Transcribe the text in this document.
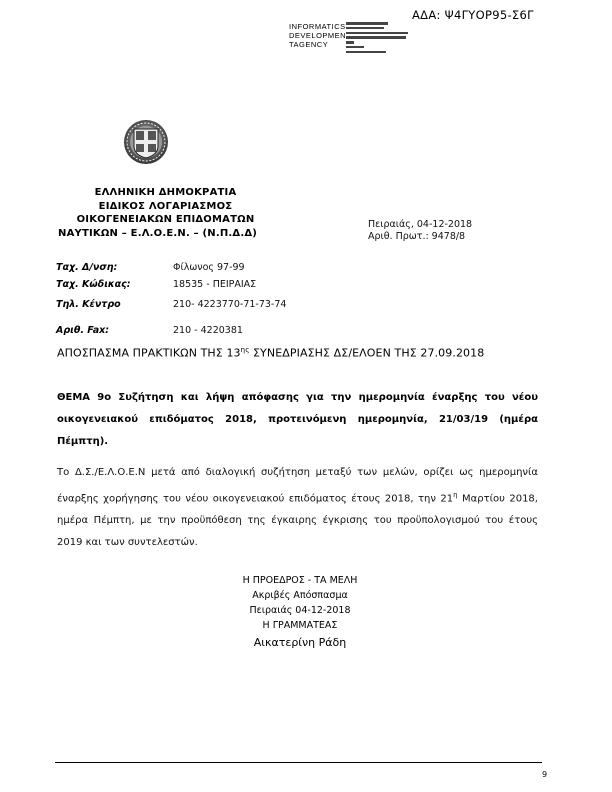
ΑΔΑ: Ψ4ΓΥΟΡ95-Σ6Γ
INFORMATICS
DEVELOPMEN
TAGENCY
ΕΛΛΗΝΙΚΗ ΔΗΜΟΚΡΑΤΙΑ
ΕΙΔΙΚΟΣ ΛΟΓΑΡΙΑΣΜΟΣ
ΟΙΚΟΓΕΝΕΙΑΚΩΝ ΕΠΙΔΟΜΑΤΩΝ
ΝΑΥΤΙΚΩΝ – Ε.Λ.Ο.Ε.Ν. – (Ν.Π.Δ.Δ)
Πειραιάς, 04-12-2018
Αριθ. Πρωτ.: 9478/8
Ταχ. Δ/νση:	Φίλωνος 97-99
Ταχ. Κώδικας:	18535 - ΠΕΙΡΑΙΑΣ
Τηλ. Κέντρο	210- 4223770-71-73-74
Αριθ. Fax:	210 - 4220381
ΑΠΟΣΠΑΣΜΑ ΠΡΑΚΤΙΚΩΝ ΤΗΣ $13^{\eta\varsigma}$ ΣΥΝΕΔΡΙΑΣΗΣ ΔΣ/ΕΛΟΕΝ ΤΗΣ 27.09.2018
ΘΕΜΑ 9ο Συζήτηση και λήψη απόφασης για την ημερομηνία έναρξης του νέου οικογενειακού επιδόματος 2018, προτεινόμενη ημερομηνία, 21/03/19 (ημέρα Πέμπτη).
Το Δ.Σ./Ε.Λ.Ο.Ε.Ν μετά από διαλογική συζήτηση μεταξύ των μελών, ορίζει ως ημερομηνία έναρξης χορήγησης του νέου οικογενειακού επιδόματος έτους 2018, την $21^\eta$ Μαρτίου 2018, ημέρα Πέμπτη, με την προϋπόθεση της έγκαιρης έγκρισης του προϋπολογισμού του έτους 2019 και των συντελεστών.
Η ΠΡΟΕΔΡΟΣ - ΤΑ ΜΕΛΗ
Ακριβές Απόσπασμα
Πειραιάς 04-12-2018
Η ΓΡΑΜΜΑΤΕΑΣ
Αικατερίνη Ράδη
9
